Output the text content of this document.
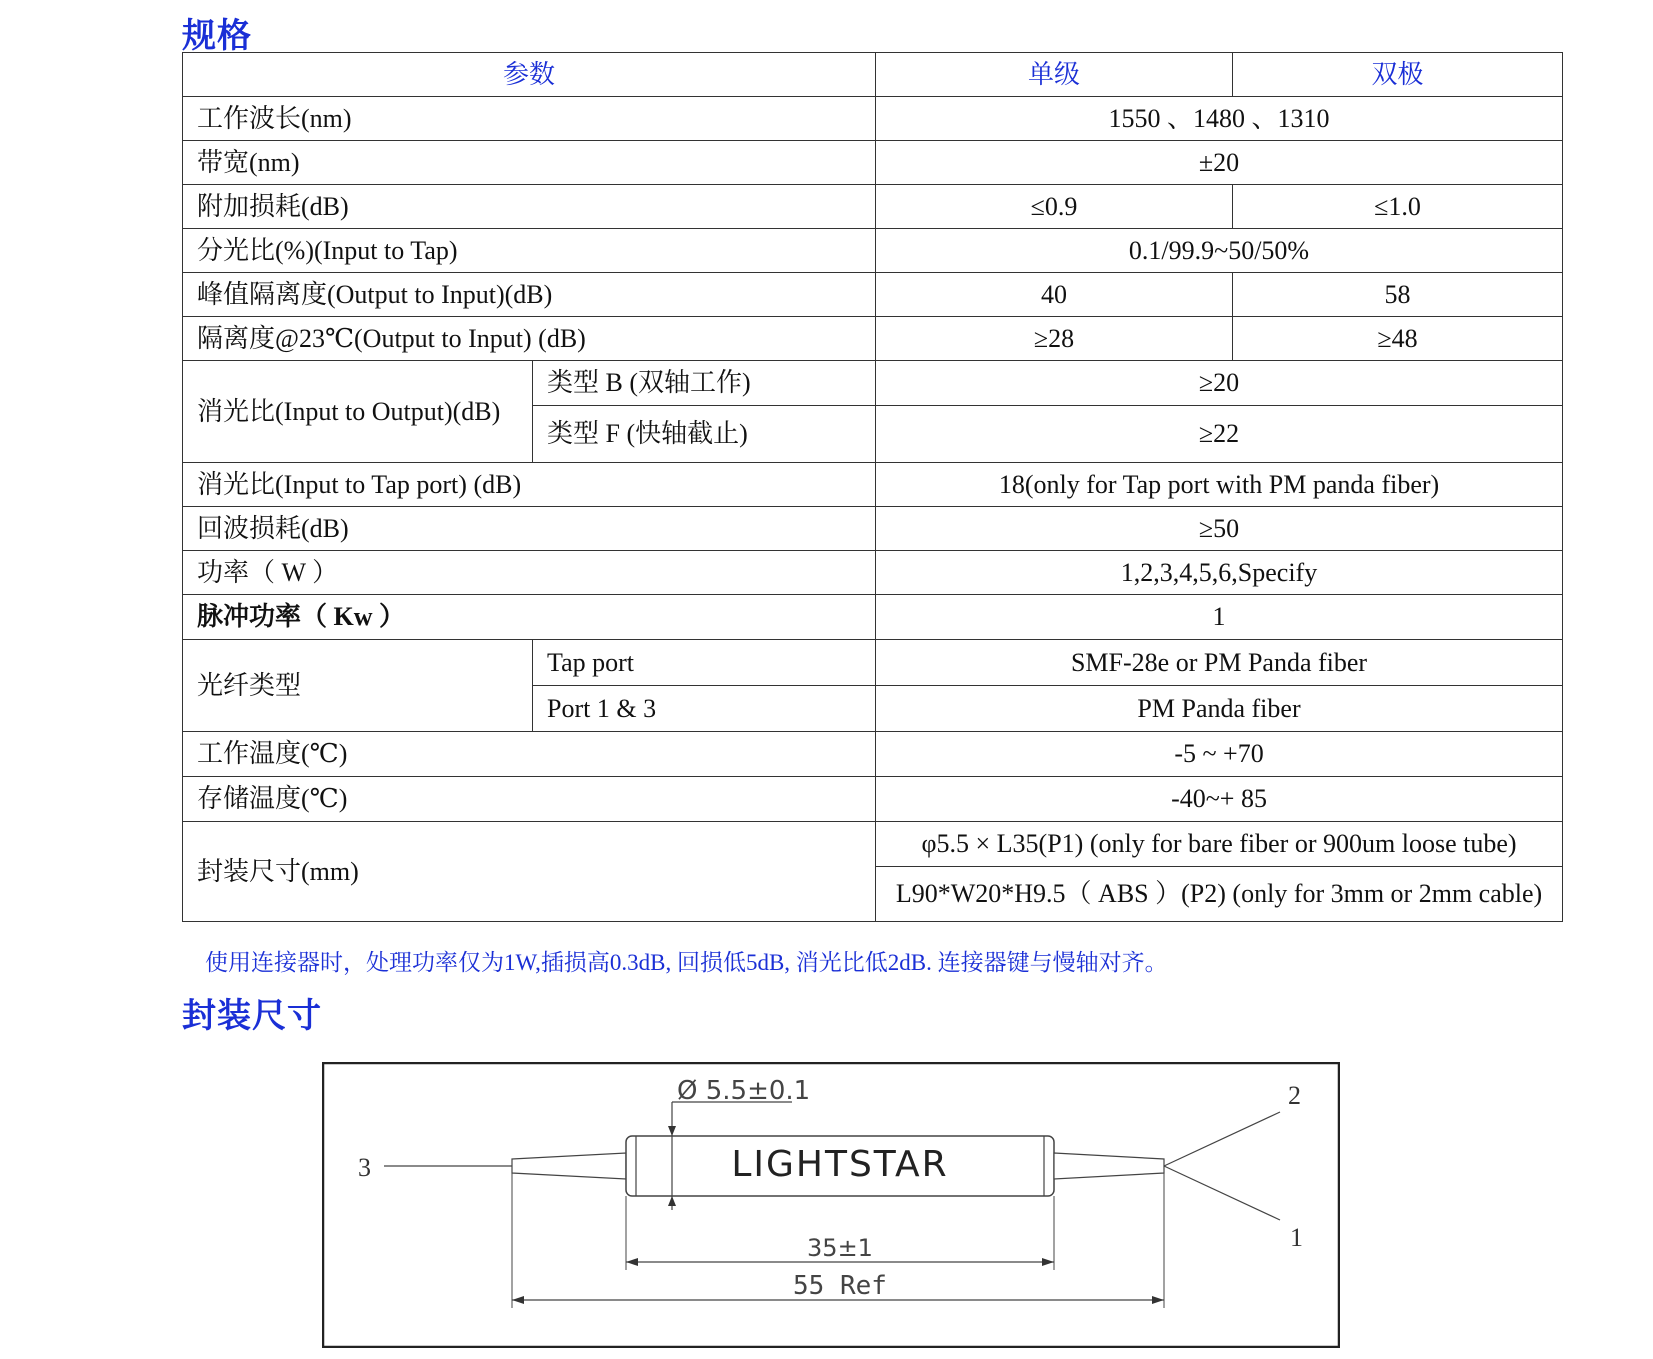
规格
参数		单级	双极
工作波长(nm)		1550 、1480 、1310	
带宽(nm)		±20	
附加损耗(dB)		≤0.9	≤1.0
分光比(%)(Input to Tap)		0.1/99.9~50/50%	
峰值隔离度(Output to Input)(dB)		40	58
隔离度@23℃(Output to Input) (dB)		≥28	≥48
消光比(Input to Output)(dB)	类型 B (双轴工作)	≥20	
	类型 F (快轴截止)	≥22	
消光比(Input to Tap port) (dB)		18(only for Tap port with PM panda fiber)	
回波损耗(dB)		≥50	
功率（ W ）		1,2,3,4,5,6,Specify	
脉冲功率（ Kw ）		1	
光纤类型	Tap port	SMF-28e or PM Panda fiber	
	Port 1 & 3	PM Panda fiber	
工作温度(℃)		-5 ~ +70	
存储温度(℃)		-40~+ 85	
封装尺寸(mm)		φ5.5 × L35(P1) (only for bare fiber or 900um loose tube)	
		L90*W20*H9.5（ ABS ）(P2) (only for 3mm or 2mm cable)	
使用连接器时，处理功率仅为1W,插损高0.3dB, 回损低5dB, 消光比低2dB. 连接器键与慢轴对齐。
封装尺寸
Ø 5.5±0.1
LIGHTSTAR
35±1
55 Ref
3
2
1
